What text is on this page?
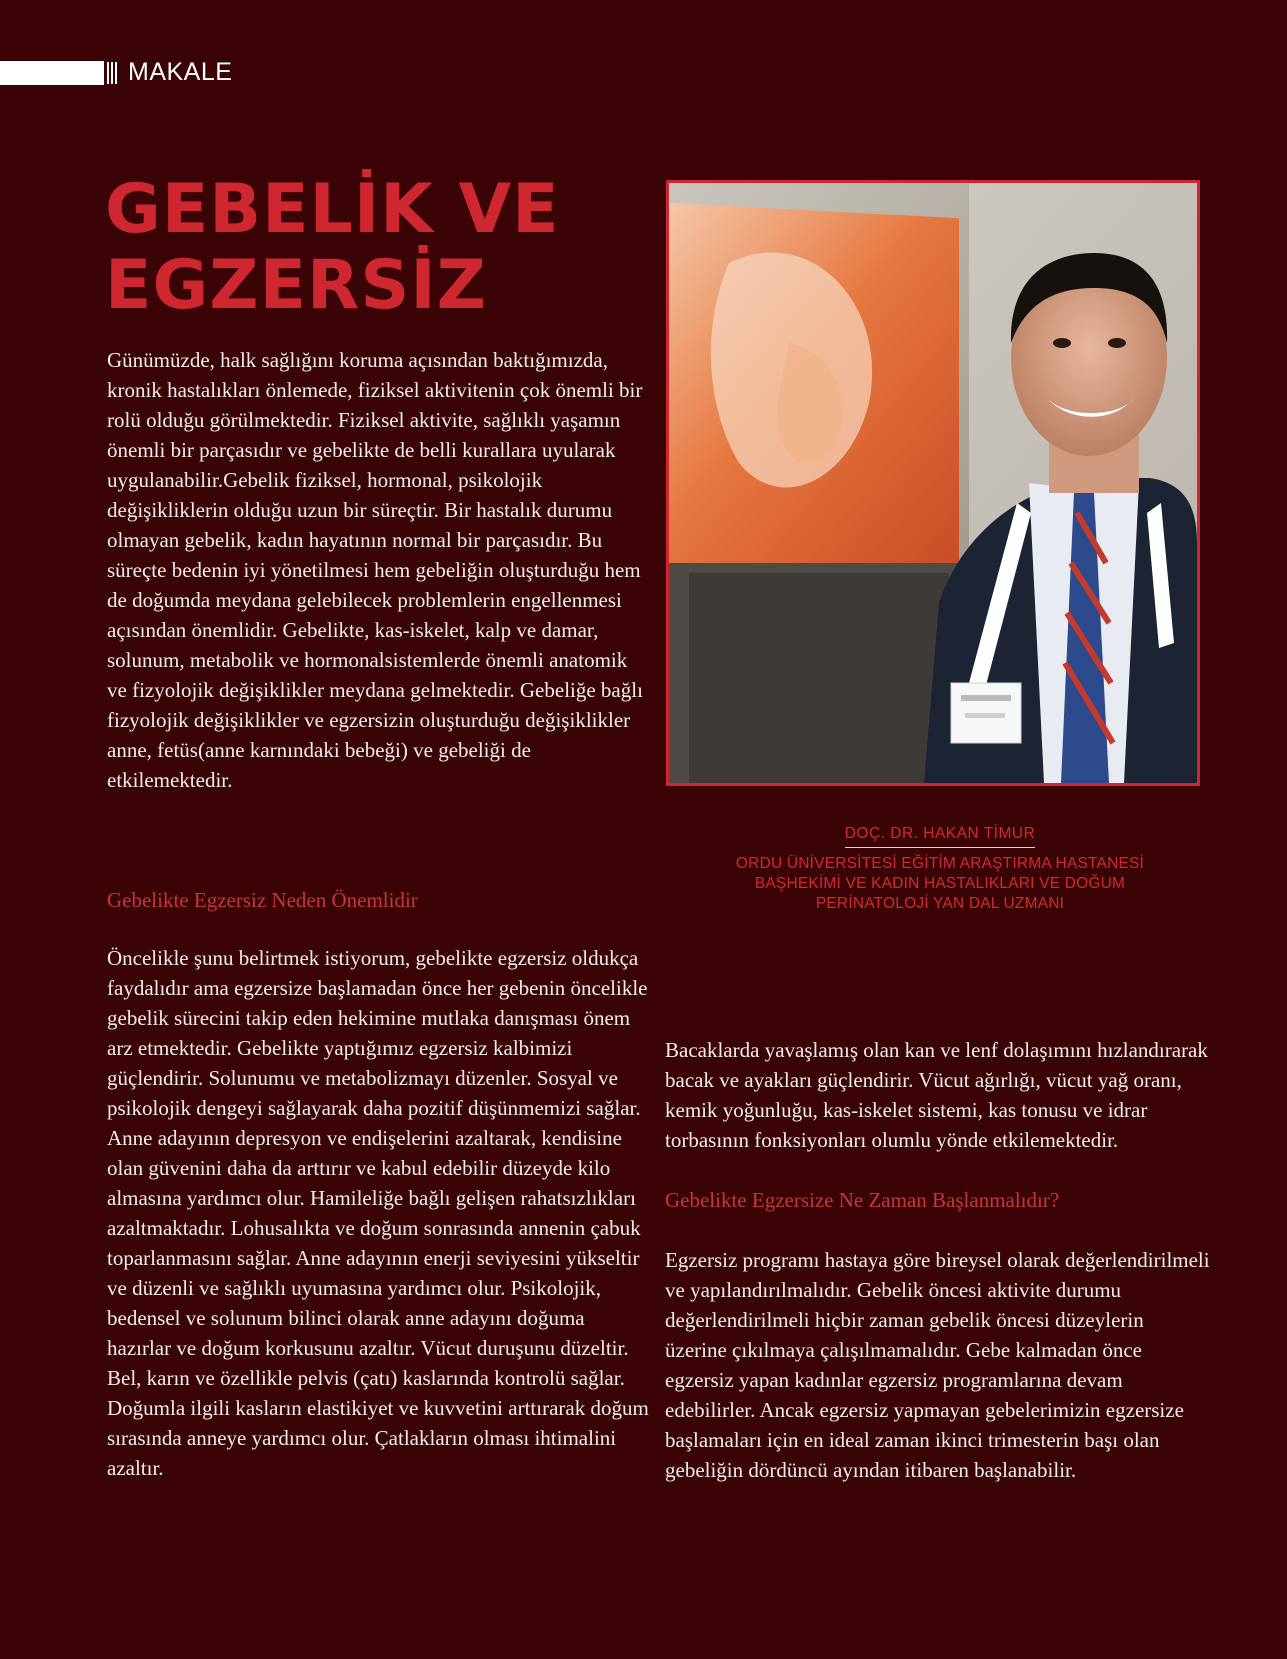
MAKALE
GEBELİK VE
EGZERSİZ

Günümüzde, halk sağlığını koruma açısından baktığımızda, kronik hastalıkları önlemede, fiziksel aktivitenin çok önemli bir rolü olduğu görülmektedir. Fiziksel aktivite, sağlıklı yaşamın önemli bir parçasıdır ve gebelikte de belli kurallara uyularak uygulanabilir.Gebelik fiziksel, hormonal, psikolojik değişikliklerin olduğu uzun bir süreçtir. Bir hastalık durumu olmayan gebelik, kadın hayatının normal bir parçasıdır. Bu süreçte bedenin iyi yönetilmesi hem gebeliğin oluşturduğu hem de doğumda meydana gelebilecek problemlerin engellenmesi açısından önemlidir. Gebelikte, kas-iskelet, kalp ve damar, solunum, metabolik ve hormonalsistemlerde önemli anatomik ve fizyolojik değişiklikler meydana gelmektedir. Gebeliğe bağlı fizyolojik değişiklikler ve egzersizin oluşturduğu değişiklikler anne, fetüs(anne karnındaki bebeği) ve gebeliği de etkilemektedir.

Gebelikte Egzersiz Neden Önemlidir

Öncelikle şunu belirtmek istiyorum, gebelikte egzersiz oldukça faydalıdır ama egzersize başlamadan önce her gebenin öncelikle gebelik sürecini takip eden hekimine mutlaka danışması önem arz etmektedir. Gebelikte yaptığımız egzersiz kalbimizi güçlendirir. Solunumu ve metabolizmayı düzenler. Sosyal ve psikolojik dengeyi sağlayarak daha pozitif düşünmemizi sağlar. Anne adayının depresyon ve endişelerini azaltarak, kendisine olan güvenini daha da arttırır ve kabul edebilir düzeyde kilo almasına yardımcı olur. Hamileliğe bağlı gelişen rahatsızlıkları azaltmaktadır. Lohusalıkta ve doğum sonrasında annenin çabuk toparlanmasını sağlar. Anne adayının enerji seviyesini yükseltir ve düzenli ve sağlıklı uyumasına yardımcı olur. Psikolojik, bedensel ve solunum bilinci olarak anne adayını doğuma hazırlar ve doğum korkusunu azaltır. Vücut duruşunu düzeltir. Bel, karın ve özellikle pelvis (çatı) kaslarında kontrolü sağlar. Doğumla ilgili kasların elastikiyet ve kuvvetini arttırarak doğum sırasında anneye yardımcı olur. Çatlakların olması ihtimalini azaltır.

DOÇ. DR. HAKAN TİMUR
ORDU ÜNİVERSİTESİ EĞİTİM ARAŞTIRMA HASTANESİ
BAŞHEKİMİ VE KADIN HASTALIKLARI VE DOĞUM
PERİNATOLOJİ YAN DAL UZMANI

Bacaklarda yavaşlamış olan kan ve lenf dolaşımını hızlandırarak bacak ve ayakları güçlendirir. Vücut ağırlığı, vücut yağ oranı, kemik yoğunluğu, kas-iskelet sistemi, kas tonusu ve idrar torbasının fonksiyonları olumlu yönde etkilemektedir.

Gebelikte Egzersize Ne Zaman Başlanmalıdır?

Egzersiz programı hastaya göre bireysel olarak değerlendirilmeli ve yapılandırılmalıdır. Gebelik öncesi aktivite durumu değerlendirilmeli hiçbir zaman gebelik öncesi düzeylerin üzerine çıkılmaya çalışılmamalıdır. Gebe kalmadan önce egzersiz yapan kadınlar egzersiz programlarına devam edebilirler. Ancak egzersiz yapmayan gebelerimizin egzersize başlamaları için en ideal zaman ikinci trimesterin başı olan gebeliğin dördüncü ayından itibaren başlanabilir.
